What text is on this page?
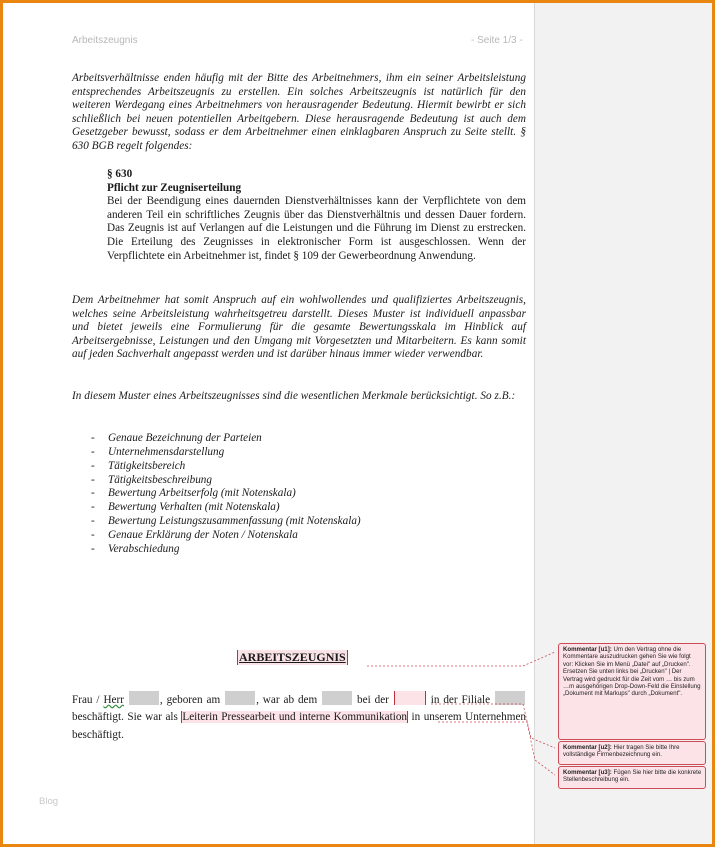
Arbeitszeugnis	- Seite 1/3 -
Arbeitsverhältnisse enden häufig mit der Bitte des Arbeitnehmers, ihm ein seiner Arbeitsleistung entsprechendes Arbeitszeugnis zu erstellen. Ein solches Arbeitszeugnis ist natürlich für den weiteren Werdegang eines Arbeitnehmers von herausragender Bedeutung. Hiermit bewirbt er sich schließlich bei neuen potentiellen Arbeitgebern. Diese herausragende Bedeutung ist auch dem Gesetzgeber bewusst, sodass er dem Arbeitnehmer einen einklagbaren Anspruch zu Seite stellt. § 630 BGB regelt folgendes:
§ 630
Pflicht zur Zeugniserteilung
Bei der Beendigung eines dauernden Dienstverhältnisses kann der Verpflichtete von dem anderen Teil ein schriftliches Zeugnis über das Dienstverhältnis und dessen Dauer fordern. Das Zeugnis ist auf Verlangen auf die Leistungen und die Führung im Dienst zu erstrecken. Die Erteilung des Zeugnisses in elektronischer Form ist ausgeschlossen. Wenn der Verpflichtete ein Arbeitnehmer ist, findet § 109 der Gewerbeordnung Anwendung.
Dem Arbeitnehmer hat somit Anspruch auf ein wohlwollendes und qualifiziertes Arbeitszeugnis, welches seine Arbeitsleistung wahrheitsgetreu darstellt. Dieses Muster ist individuell anpassbar und bietet jeweils eine Formulierung für die gesamte Bewertungsskala im Hinblick auf Arbeitsergebnisse, Leistungen und den Umgang mit Vorgesetzten und Mitarbeitern. Es kann somit auf jeden Sachverhalt angepasst werden und ist darüber hinaus immer wieder verwendbar.
In diesem Muster eines Arbeitszeugnisses sind die wesentlichen Merkmale berücksichtigt. So z.B.:
- Genaue Bezeichnung der Parteien
- Unternehmensdarstellung
- Tätigkeitsbereich
- Tätigkeitsbeschreibung
- Bewertung Arbeitserfolg (mit Notenskala)
- Bewertung Verhalten (mit Notenskala)
- Bewertung Leistungszusammenfassung (mit Notenskala)
- Genaue Erklärung der Noten / Notenskala
- Verabschiedung
ARBEITSZEUGNIS
Frau / Herr	, geboren am	, war ab dem	bei der	in der Filiale  beschäftigt. Sie war als Leiterin Pressearbeit und interne Kommunikation in unserem Unternehmen beschäftigt.
Blog
Kommentar [u1]: Um den Vertrag ohne die Kommentare auszudrucken gehen Sie wie folgt vor: Klicken Sie im Menü „Datei" auf „Drucken". Ersetzen Sie unten links bei „Drucken" | Der Vertrag wird gedruckt für die Zeit vom … bis zum …m ausgehörigen Drop-Down-Feld die Einstellung „Dokument mit Markups" durch „Dokument".
Kommentar [u2]: Hier tragen Sie bitte Ihre vollständige Firmenbezeichnung ein.
Kommentar [u3]: Fügen Sie hier bitte die konkrete Stellenbeschreibung ein.
